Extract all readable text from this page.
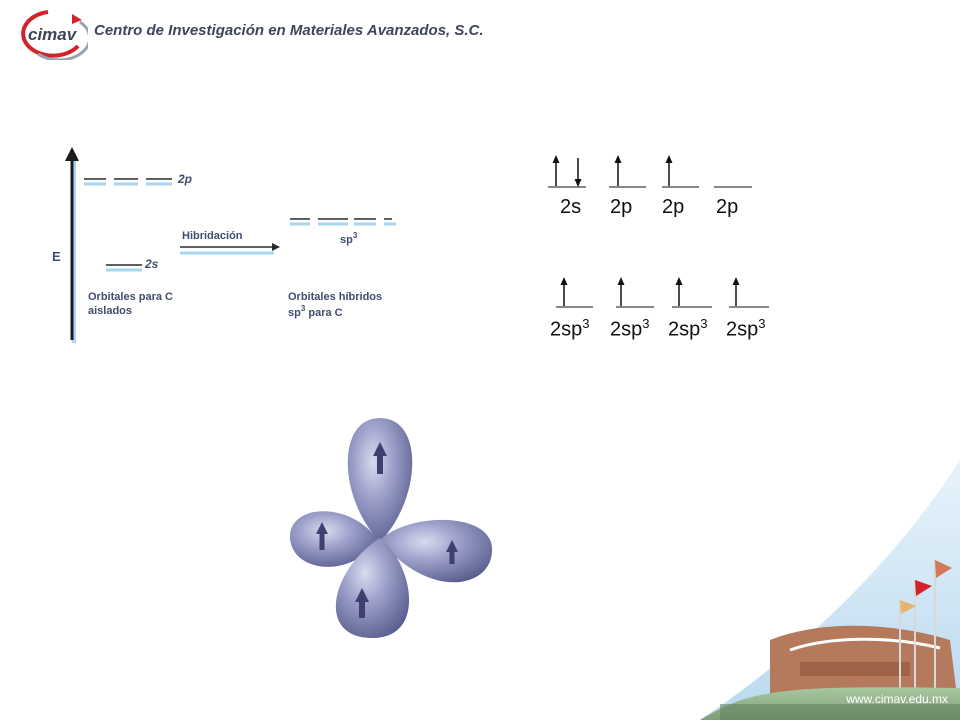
cimav Centro de Investigación en Materiales Avanzados, S.C.
E
2p
2s
Hibridación	$sp^3$
Orbitales para C
aislados
Orbitales híbridos
$sp^3$ para C
2s 2p 2p 2p
$2sp^3$ $2sp^3$ $2sp^3$ $2sp^3$
www.cimav.edu.mx
